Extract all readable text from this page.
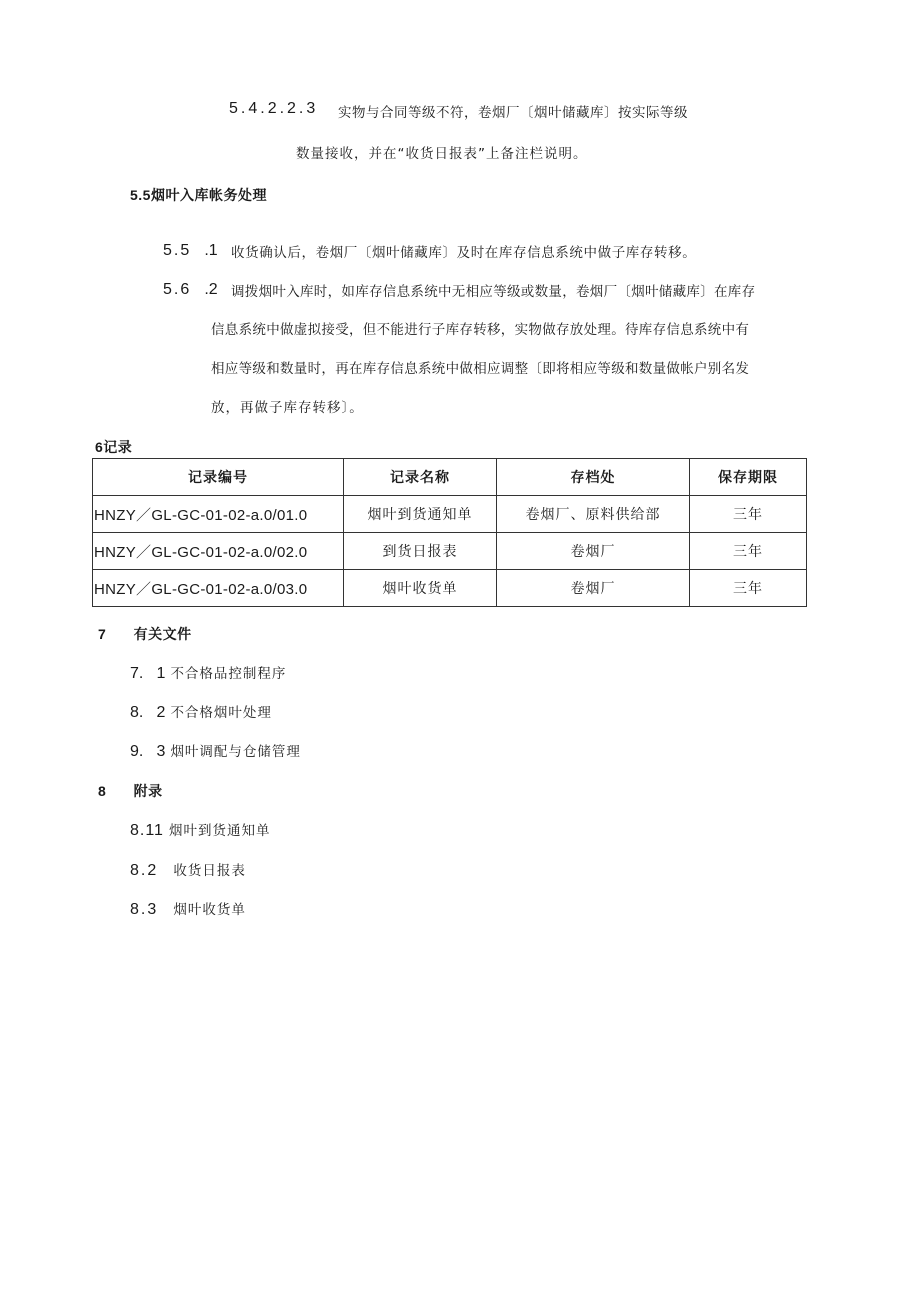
5.4.2.2.3 实物与合同等级不符，卷烟厂〔烟叶储藏库〕按实际等级
数量接收，并在“收货日报表”上备注栏说明。
5.5烟叶入库帐务处理
5.5 .1 收货确认后，卷烟厂〔烟叶储藏库〕及时在库存信息系统中做子库存转移。
5.6 .2 调拨烟叶入库时，如库存信息系统中无相应等级或数量，卷烟厂〔烟叶储藏库〕在库存
信息系统中做虚拟接受，但不能进行子库存转移，实物做存放处理。待库存信息系统中有
相应等级和数量时，再在库存信息系统中做相应调整〔即将相应等级和数量做帐户别名发
放，再做子库存转移〕。
6记录
记录编号	记录名称	存档处	保存期限
HNZY／GL-GC-01-02-a.0/01.0	烟叶到货通知单	卷烟厂、原料供给部	三年
HNZY／GL-GC-01-02-a.0/02.0	到货日报表	卷烟厂	三年
HNZY／GL-GC-01-02-a.0/03.0	烟叶收货单	卷烟厂	三年
7 有关文件
7. 1 不合格品控制程序
8. 2 不合格烟叶处理
9. 3 烟叶调配与仓储管理
8 附录
8.11 烟叶到货通知单
8.2 收货日报表
8.3 烟叶收货单
